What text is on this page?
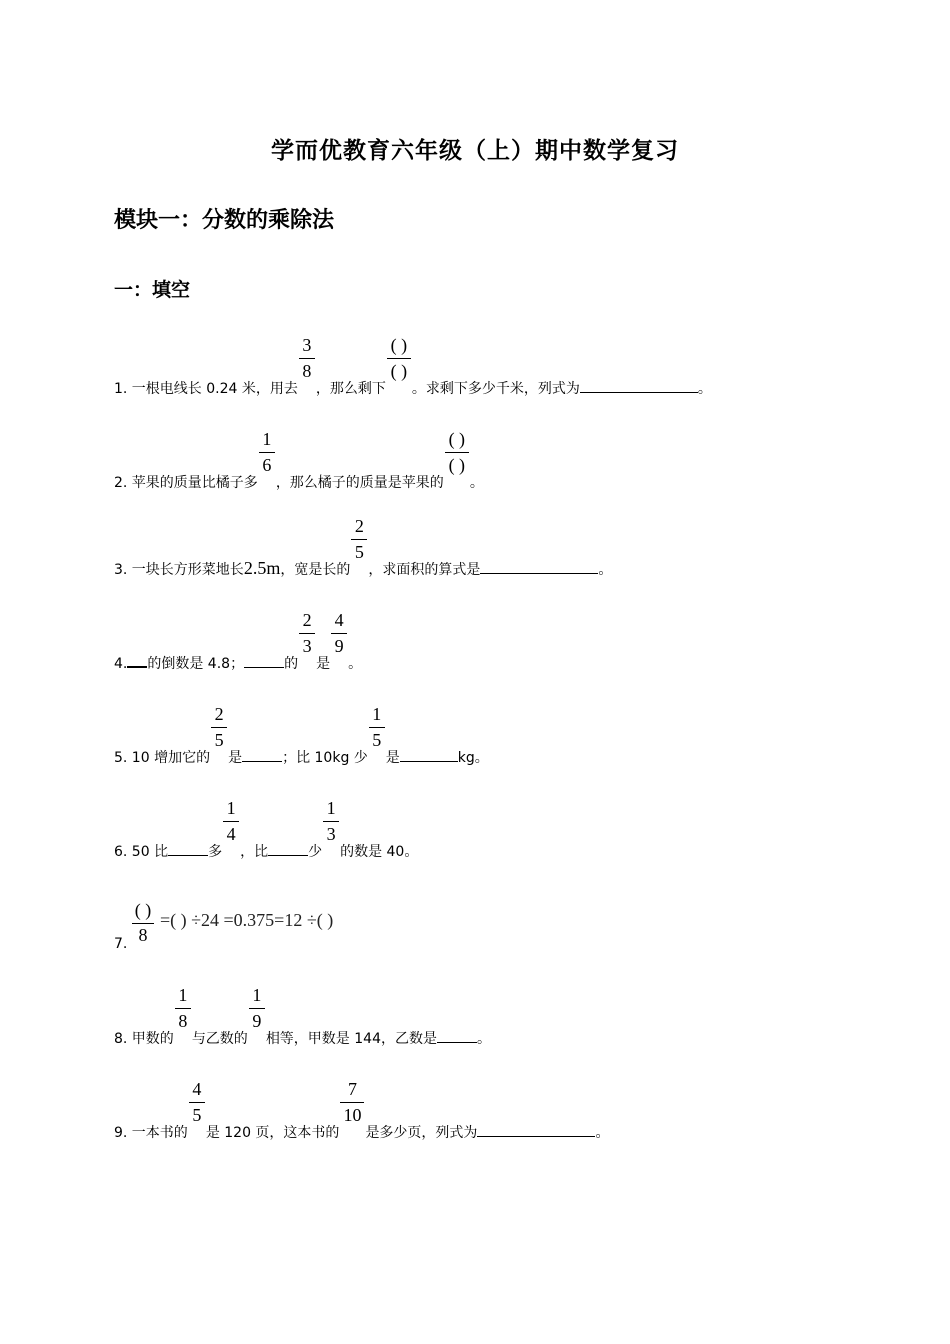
学而优教育六年级（上）期中数学复习
模块一：分数的乘除法
一：填空
1. 一根电线长 0.24 米，用去 $\frac{3}{8}$ ，那么剩下 $\frac{( )}{( )}$ 。求剩下多少千米，列式为	。
2. 苹果的质量比橘子多 $\frac{1}{6}$ ，那么橘子的质量是苹果的 $\frac{( )}{( )}$ 。
3. 一块长方形菜地长2.5m，宽是长的 $\frac{2}{5}$ ，求面积的算式是	。
4. 的倒数是 4.8；	的 $\frac{2}{3}$ 是 $\frac{4}{9}$ 。
5. 10 增加它的 $\frac{2}{5}$ 是	；比 10kg 少 $\frac{1}{5}$ 是	kg。
6. 50 比	多 $\frac{1}{4}$ ，比	少 $\frac{1}{3}$ 的数是 40。
7.
( )
8
=( ) ÷24 =0.375=12 ÷( )
8. 甲数的 $\frac{1}{8}$ 与乙数的 $\frac{1}{9}$ 相等，甲数是 144，乙数是	。
9. 一本书的 $\frac{4}{5}$ 是 120 页，这本书的 $\frac{7}{10}$ 是多少页，列式为	。
